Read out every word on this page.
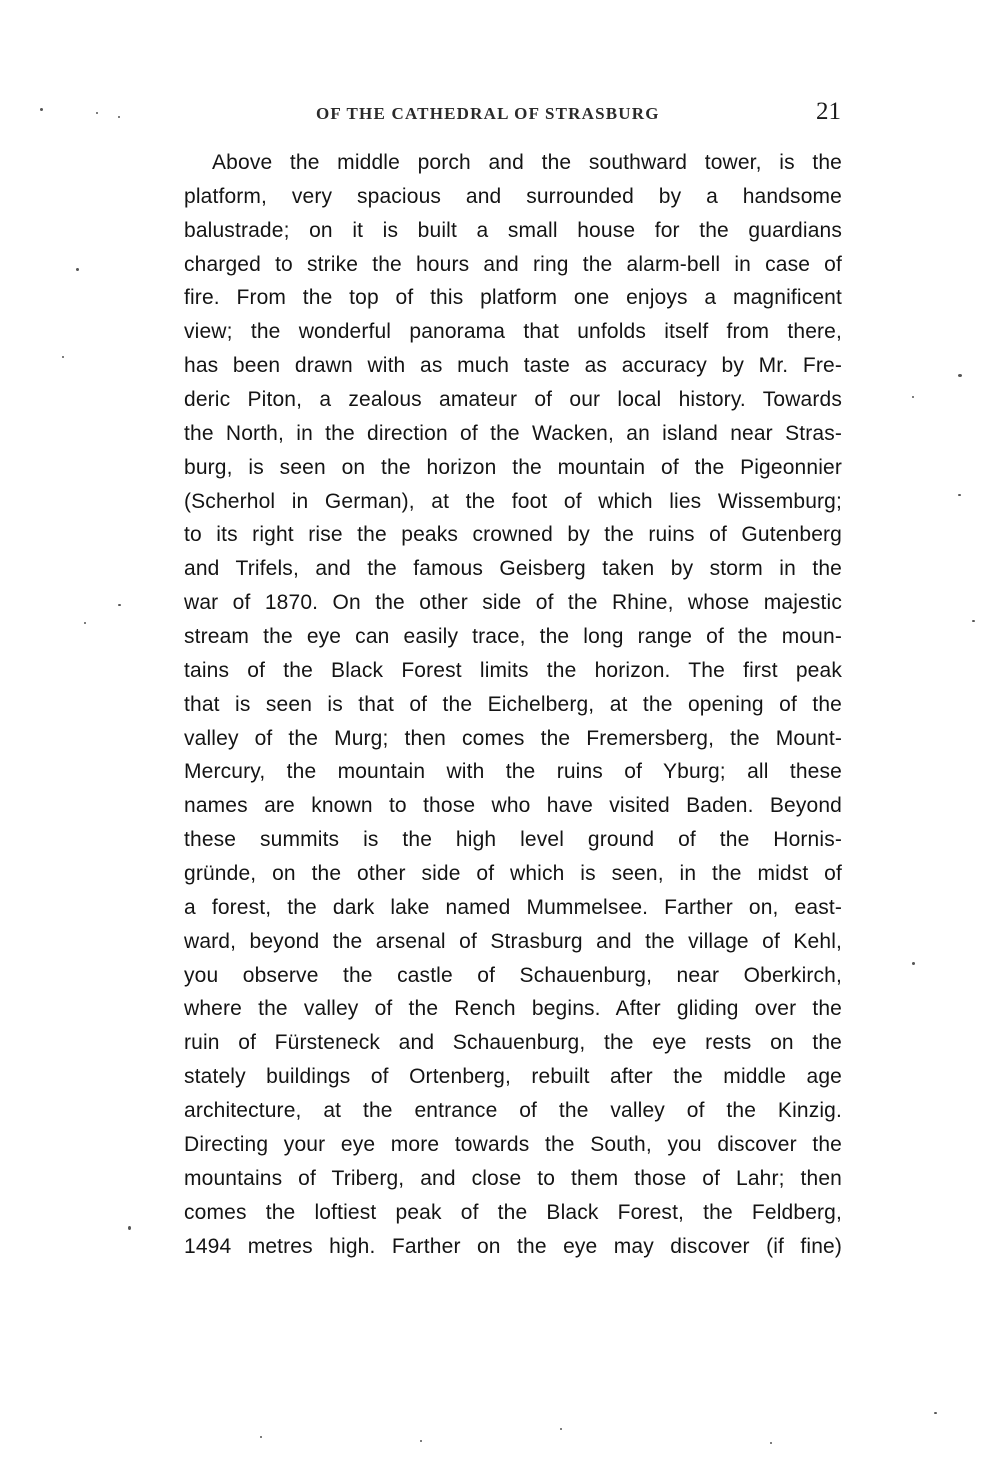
OF THE CATHEDRAL OF STRASBURG	21
Above the middle porch and the southward tower, is the
platform, very spacious and surrounded by a handsome
balustrade; on it is built a small house for the guardians
charged to strike the hours and ring the alarm-bell in case of
fire. From the top of this platform one enjoys a magnificent
view; the wonderful panorama that unfolds itself from there,
has been drawn with as much taste as accuracy by Mr. Fre-
deric Piton, a zealous amateur of our local history. Towards
the North, in the direction of the Wacken, an island near Stras-
burg, is seen on the horizon the mountain of the Pigeonnier
(Scherhol in German), at the foot of which lies Wissemburg;
to its right rise the peaks crowned by the ruins of Gutenberg
and Trifels, and the famous Geisberg taken by storm in the
war of 1870. On the other side of the Rhine, whose majestic
stream the eye can easily trace, the long range of the moun-
tains of the Black Forest limits the horizon. The first peak
that is seen is that of the Eichelberg, at the opening of the
valley of the Murg; then comes the Fremersberg, the Mount-
Mercury, the mountain with the ruins of Yburg; all these
names are known to those who have visited Baden. Beyond
these summits is the high level ground of the Hornis-
gründe, on the other side of which is seen, in the midst of
a forest, the dark lake named Mummelsee. Farther on, east-
ward, beyond the arsenal of Strasburg and the village of Kehl,
you observe the castle of Schauenburg, near Oberkirch,
where the valley of the Rench begins. After gliding over the
ruin of Fürsteneck and Schauenburg, the eye rests on the
stately buildings of Ortenberg, rebuilt after the middle age
architecture, at the entrance of the valley of the Kinzig.
Directing your eye more towards the South, you discover the
mountains of Triberg, and close to them those of Lahr; then
comes the loftiest peak of the Black Forest, the Feldberg,
1494 metres high. Farther on the eye may discover (if fine)
